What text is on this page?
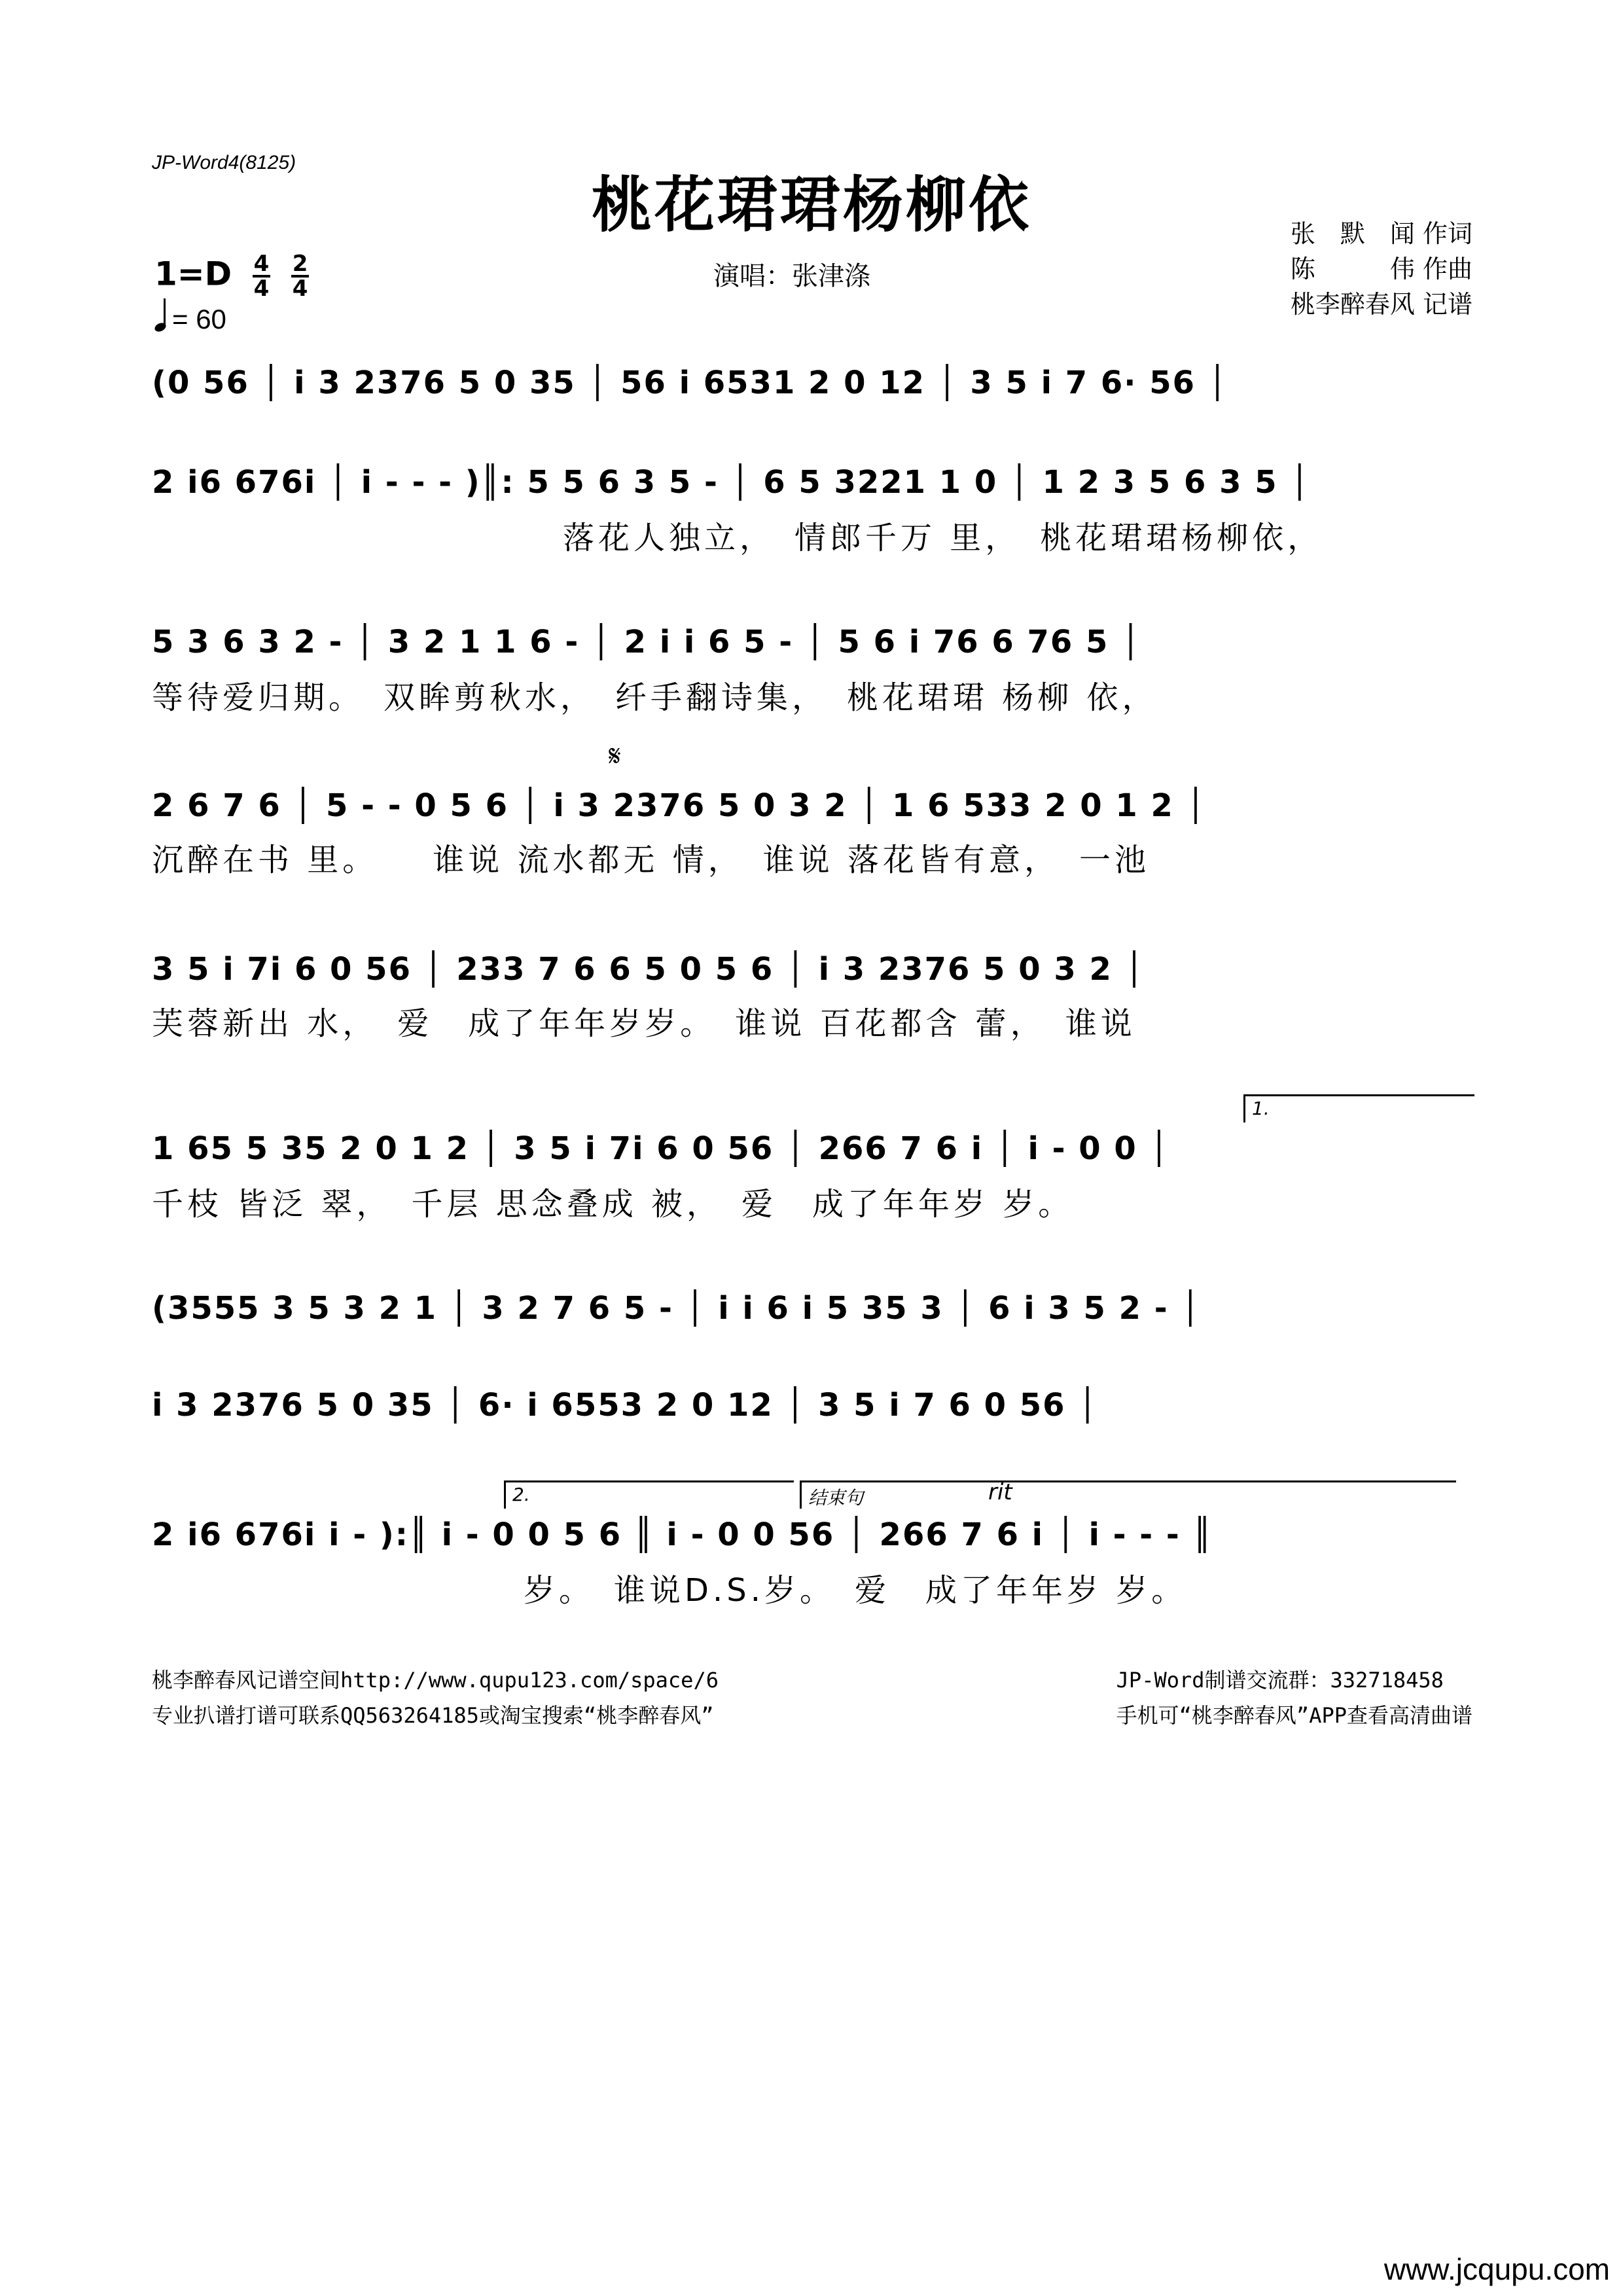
JP-Word4(8125)
桃花珺珺杨柳依	张　默　闻 作词
陈　　　伟 作曲
桃李醉春风 记谱
$1=D \frac{4}{4} \frac{2}{4}$
= 60
演唱：张津涤
(0 56 │ i 3 2376 5 0 35 │ 56 i 6531 2 0 12 │ 3 5 i 7 6· 56 │
2 i6 676i │ i - - - )║: 5 5 6 3 5 - │ 6 5 3221 1 0 │ 1 2 3 5 6 3 5 │
落花人独立，　情郎千万 里，　桃花珺珺杨柳依，
5 3 6 3 2 - │ 3 2 1 1 6 - │ 2 i i 6 5 - │ 5 6 i 76 6 76 5 │
等待爱归期。　双眸剪秋水，　纤手翻诗集，　桃花珺珺 杨柳 依，
𝄋
2 6 7 6 │ 5 - - 0 5 6 │ i 3 2376 5 0 3 2 │ 1 6 533 2 0 1 2 │
沉醉在书 里。　　谁说 流水都无 情，　谁说 落花皆有意，　一池
3 5 i 7i 6 0 56 │ 233 7 6 6 5 0 5 6 │ i 3 2376 5 0 3 2 │
芙蓉新出 水，　爱　成了年年岁岁。　谁说 百花都含 蕾，　谁说
1.
1 65 5 35 2 0 1 2 │ 3 5 i 7i 6 0 56 │ 266 7 6 i │ i - 0 0 │
千枝 皆泛 翠，　千层 思念叠成 被，　爱　成了年年岁 岁。
(3555 3 5 3 2 1 │ 3 2 7 6 5 - │ i i 6 i 5 35 3 │ 6 i 3 5 2 - │
i 3 2376 5 0 35 │ 6· i 6553 2 0 12 │ 3 5 i 7 6 0 56 │
2.	结束句	rit
2 i6 676i i - ):║ i - 0 0 5 6 ║ i - 0 0 56 │ 266 7 6 i │ i - - - ║
岁。　谁说D.S.岁。　爱　成了年年岁 岁。
桃李醉春风记谱空间http://www.qupu123.com/space/6
专业扒谱打谱可联系QQ563264185或淘宝搜索“桃李醉春风”
JP-Word制谱交流群：332718458
手机可“桃李醉春风”APP查看高清曲谱
www.jcqupu.com
